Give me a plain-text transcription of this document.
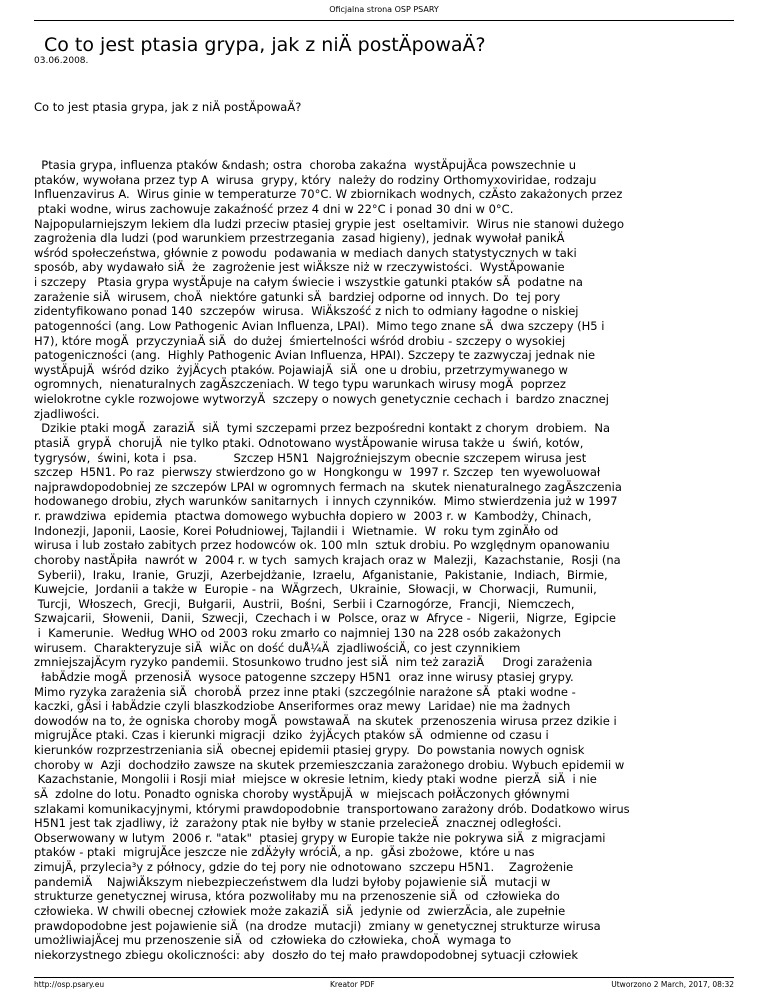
Oficjalna strona OSP PSARY
Co to jest ptasia grypa, jak z niÄ postÄpowaÄ?
03.06.2008.
Co to jest ptasia grypa, jak z niÄ postÄpowaÄ?
Ptasia grypa, influenza ptaków &ndash; ostra  choroba zakaźna  wystÄpujÄca powszechnie u
ptaków, wywołana przez typ A  wirusa  grypy, który  należy do rodziny Orthomyxoviridae, rodzaju
Influenzavirus A.  Wirus ginie w temperaturze 70°C. W zbiornikach wodnych, czÄsto zakażonych przez
ptaki wodne, wirus zachowuje zakaźność przez 4 dni w 22°C i ponad 30 dni w 0°C.
Najpopularniejszym lekiem dla ludzi przeciw ptasiej grypie jest  oseltamivir.  Wirus nie stanowi dużego
zagrożenia dla ludzi (pod warunkiem przestrzegania  zasad higieny), jednak wywołał panikÄ
wśród społeczeństwa, głównie z powodu  podawania w mediach danych statystycznych w taki
sposób, aby wydawało siÄ  że  zagrożenie jest wiÄksze niż w rzeczywistości.  WystÄpowanie
i szczepy   Ptasia grypa wystÄpuje na całym świecie i wszystkie gatunki ptaków sÄ  podatne na
zarażenie siÄ  wirusem, choÄ  niektóre gatunki sÄ  bardziej odporne od innych. Do  tej pory
zidentyfikowano ponad 140  szczepów  wirusa.  WiÄkszość z nich to odmiany łagodne o niskiej
patogenności (ang. Low Pathogenic Avian Influenza, LPAI).  Mimo tego znane sÄ  dwa szczepy (H5 i
H7), które mogÄ  przyczyniaÄ siÄ  do dużej  śmiertelności wśród drobiu - szczepy o wysokiej
patogeniczności (ang.  Highly Pathogenic Avian Influenza, HPAI). Szczepy te zazwyczaj jednak nie
wystÄpujÄ  wśród dziko  żyjÄcych ptaków. PojawiajÄ  siÄ  one u drobiu, przetrzymywanego w
ogromnych,  nienaturalnych zagÄszczeniach. W tego typu warunkach wirusy mogÄ  poprzez
wielokrotne cykle rozwojowe wytworzyÄ  szczepy o nowych genetycznie cechach i  bardzo znacznej
zjadliwości.
Dzikie ptaki mogÄ  zaraziÄ  siÄ  tymi szczepami przez bezpośredni kontakt z chorym  drobiem.  Na
ptasiÄ  grypÄ  chorujÄ  nie tylko ptaki. Odnotowano wystÄpowanie wirusa także u  świń, kotów,
tygrysów,  świni, kota i  psa.          Szczep H5N1  Najgroźniejszym obecnie szczepem wirusa jest
szczep  H5N1. Po raz  pierwszy stwierdzono go w  Hongkongu w  1997 r. Szczep  ten wyewoluował
najprawdopodobniej ze szczepów LPAI w ogromnych fermach na  skutek nienaturalnego zagÄszczenia
hodowanego drobiu, złych warunków sanitarnych  i innych czynników.  Mimo stwierdzenia już w 1997
r. prawdziwa  epidemia  ptactwa domowego wybuchła dopiero w  2003 r. w  Kambodży, Chinach,
Indonezji, Japonii, Laosie, Korei Południowej, Tajlandii i  Wietnamie.  W  roku tym zginÄło od
wirusa i lub zostało zabitych przez hodowców ok. 100 mln  sztuk drobiu. Po względnym opanowaniu
choroby nastÄpiła  nawrót w  2004 r. w tych  samych krajach oraz w  Malezji,  Kazachstanie,  Rosji (na
Syberii),  Iraku,  Iranie,  Gruzji,  Azerbejdżanie,  Izraelu,  Afganistanie,  Pakistanie,  Indiach,  Birmie,
Kuwejcie,  Jordanii a także w  Europie - na  WÄgrzech,  Ukrainie,  Słowacji, w  Chorwacji,  Rumunii,
Turcji,  Włoszech,  Grecji,  Bułgarii,  Austrii,  Bośni,  Serbii i Czarnogórze,  Francji,  Niemczech,
Szwajcarii,  Słowenii,  Danii,  Szwecji,  Czechach i w  Polsce, oraz w  Afryce -  Nigerii,  Nigrze,  Egipcie
i  Kamerunie.  Według WHO od 2003 roku zmarło co najmniej 130 na 228 osób zakażonych
wirusem.  Charakteryzuje siÄ  wiÄc on dość duÅ¼Ä  zjadliwościÄ, co jest czynnikiem
zmniejszajÄcym ryzyko pandemii. Stosunkowo trudno jest siÄ  nim też zaraziÄ     Drogi zarażenia
łabÄdzie mogÄ  przenosiÄ  wysoce patogenne szczepy H5N1  oraz inne wirusy ptasiej grypy.
Mimo ryzyka zarażenia siÄ  chorobÄ  przez inne ptaki (szczególnie narażone sÄ  ptaki wodne -
kaczki, gÄsi i łabÄdzie czyli blaszkodziobe Anseriformes oraz mewy  Laridae) nie ma żadnych
dowodów na to, że ogniska choroby mogÄ  powstawaÄ  na skutek  przenoszenia wirusa przez dzikie i
migrujÄce ptaki. Czas i kierunki migracji  dziko  żyjÄcych ptaków sÄ  odmienne od czasu i
kierunków rozprzestrzeniania siÄ  obecnej epidemii ptasiej grypy.  Do powstania nowych ognisk
choroby w  Azji  dochodziło zawsze na skutek przemieszczania zarażonego drobiu. Wybuch epidemii w
Kazachstanie, Mongolii i Rosji miał  miejsce w okresie letnim, kiedy ptaki wodne  pierzÄ  siÄ  i nie
sÄ  zdolne do lotu. Ponadto ogniska choroby wystÄpujÄ  w  miejscach połÄczonych głównymi
szlakami komunikacyjnymi, którymi prawdopodobnie  transportowano zarażony drób. Dodatkowo wirus
H5N1 jest tak zjadliwy, iż  zarażony ptak nie byłby w stanie przelecieÄ  znacznej odległości.
Obserwowany w lutym  2006 r. "atak"  ptasiej grypy w Europie także nie pokrywa siÄ  z migracjami
ptaków - ptaki  migrujÄce jeszcze nie zdÄżyły wróciÄ, a np.  gÄsi zbożowe,  które u nas
zimujÄ, przylecia³y z północy, gdzie do tej pory nie odnotowano  szczepu H5N1.    Zagrożenie
pandemiÄ    NajwiÄkszym niebezpieczeństwem dla ludzi byłoby pojawienie siÄ  mutacji w
strukturze genetycznej wirusa, która pozwoliłaby mu na przenoszenie siÄ  od  człowieka do
człowieka. W chwili obecnej człowiek może zakaziÄ  siÄ  jedynie od  zwierzÄcia, ale zupełnie
prawdopodobne jest pojawienie siÄ  (na drodze  mutacji)  zmiany w genetycznej strukturze wirusa
umożliwiajÄcej mu przenoszenie siÄ  od  człowieka do człowieka, choÄ  wymaga to
niekorzystnego zbiegu okoliczności: aby  doszło do tej mało prawdopodobnej sytuacji człowiek
http://osp.psary.eu	Kreator PDF	Utworzono 2 March, 2017, 08:32
